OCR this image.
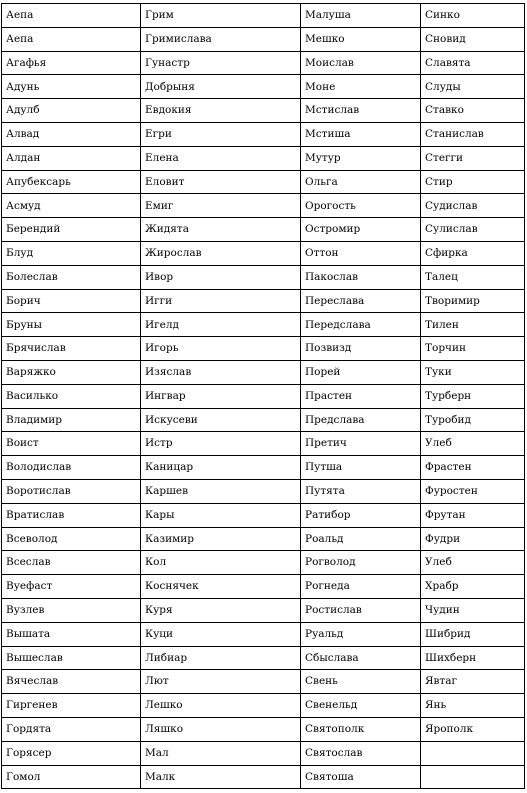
Аепа	Грим	Малуша	Синко
Аепа	Гримислава	Мешко	Сновид
Агафья	Гунастр	Моислав	Славята
Адунь	Добрыня	Моне	Слуды
Адулб	Евдокия	Мстислав	Ставко
Алвад	Егри	Мстиша	Станислав
Алдан	Елена	Мутур	Стегги
Апубексарь	Еловит	Ольга	Стир
Асмуд	Емиг	Орогость	Судислав
Берендий	Жидята	Остромир	Сулислав
Блуд	Жирослав	Оттон	Сфирка
Болеслав	Ивор	Пакослав	Талец
Борич	Игги	Переслава	Творимир
Бруны	Игелд	Передслава	Тилен
Брячислав	Игорь	Позвизд	Торчин
Варяжко	Изяслав	Порей	Туки
Василько	Ингвар	Прастен	Турберн
Владимир	Искусеви	Предслава	Туробид
Воист	Истр	Претич	Улеб
Володислав	Каницар	Путша	Фрастен
Воротислав	Каршев	Путята	Фуростен
Вратислав	Кары	Ратибор	Фрутан
Всеволод	Казимир	Роальд	Фудри
Всеслав	Кол	Рогволод	Улеб
Вуефаст	Коснячек	Рогнеда	Храбр
Вузлев	Куря	Ростислав	Чудин
Вышата	Куци	Руальд	Шибрид
Вышеслав	Либиар	Сбыслава	Шихберн
Вячеслав	Лют	Свень	Явтаг
Гиргенев	Лешко	Свенельд	Янь
Гордята	Ляшко	Святополк	Ярополк
Горясер	Мал	Святослав	
Гомол	Малк	Святоша	
